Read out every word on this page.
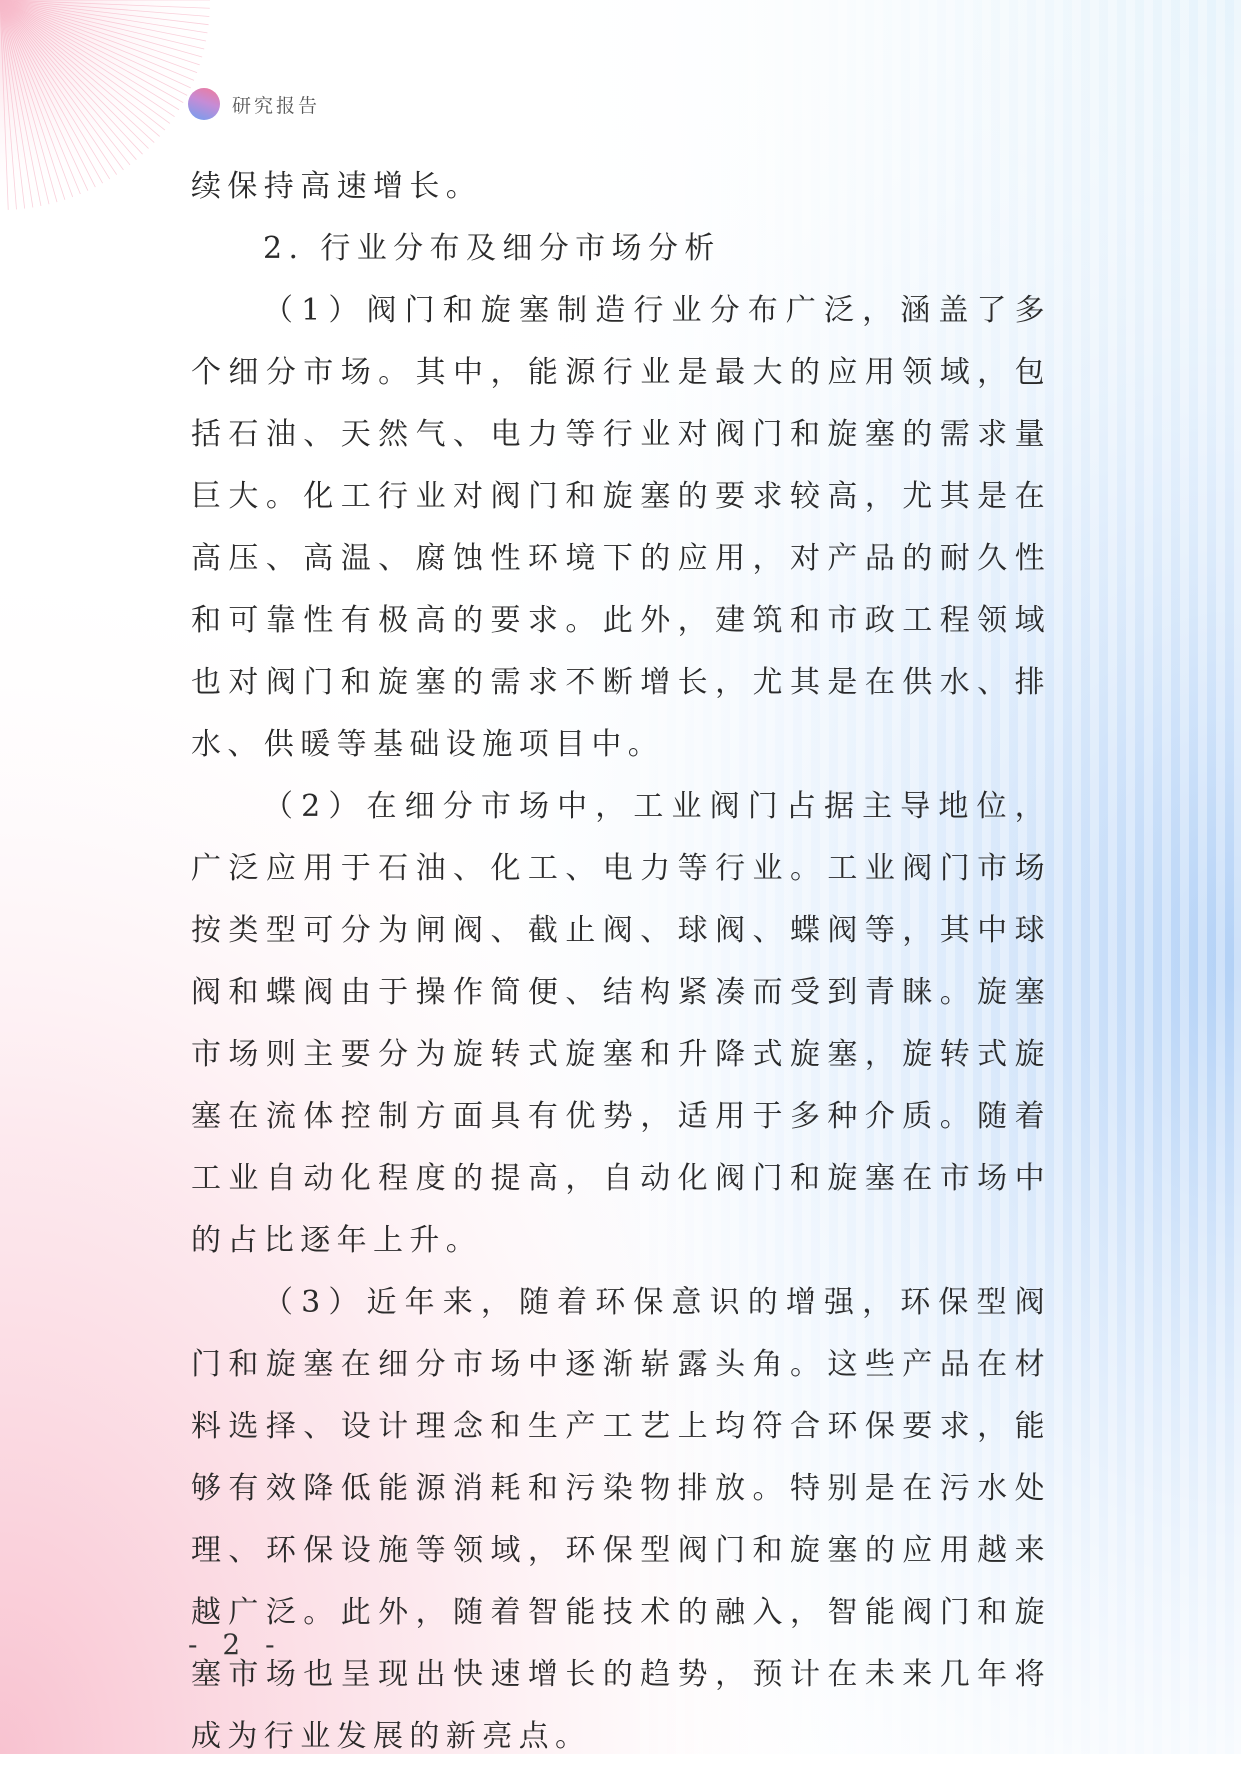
研究报告

续保持高速增长。

2. 行业分布及细分市场分析

（1）阀门和旋塞制造行业分布广泛，涵盖了多个细分市场。其中，能源行业是最大的应用领域，包括石油、天然气、电力等行业对阀门和旋塞的需求量巨大。化工行业对阀门和旋塞的要求较高，尤其是在高压、高温、腐蚀性环境下的应用，对产品的耐久性和可靠性有极高的要求。此外，建筑和市政工程领域也对阀门和旋塞的需求不断增长，尤其是在供水、排水、供暖等基础设施项目中。

（2）在细分市场中，工业阀门占据主导地位，广泛应用于石油、化工、电力等行业。工业阀门市场按类型可分为闸阀、截止阀、球阀、蝶阀等，其中球阀和蝶阀由于操作简便、结构紧凑而受到青睐。旋塞市场则主要分为旋转式旋塞和升降式旋塞，旋转式旋塞在流体控制方面具有优势，适用于多种介质。随着工业自动化程度的提高，自动化阀门和旋塞在市场中的占比逐年上升。

（3）近年来，随着环保意识的增强，环保型阀门和旋塞在细分市场中逐渐崭露头角。这些产品在材料选择、设计理念和生产工艺上均符合环保要求，能够有效降低能源消耗和污染物排放。特别是在污水处理、环保设施等领域，环保型阀门和旋塞的应用越来越广泛。此外，随着智能技术的融入，智能阀门和旋塞市场也呈现出快速增长的趋势，预计在未来几年将成为行业发展的新亮点。

- 2 -
